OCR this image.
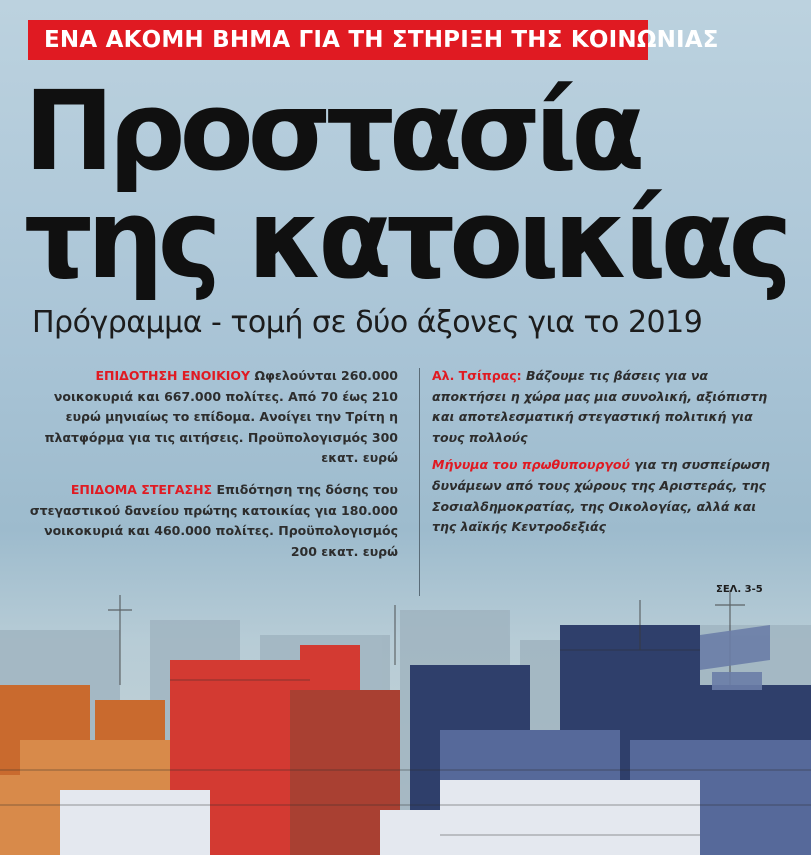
ΕΝΑ ΑΚΟΜΗ ΒΗΜΑ ΓΙΑ ΤΗ ΣΤΗΡΙΞΗ ΤΗΣ ΚΟΙΝΩΝΙΑΣ
Προστασία
της κατοικίας
Πρόγραμμα - τομή σε δύο άξονες για το 2019

ΕΠΙΔΟΤΗΣΗ ΕΝΟΙΚΙΟΥ Ωφελούνται 260.000 νοικοκυριά και 667.000 πολίτες. Από 70 έως 210 ευρώ μηνιαίως το επίδομα. Ανοίγει την Τρίτη η πλατφόρμα για τις αιτήσεις. Προϋπολογισμός 300 εκατ. ευρώ

ΕΠΙΔΟΜΑ ΣΤΕΓΑΣΗΣ Επιδότηση της δόσης του στεγαστικού δανείου πρώτης κατοικίας για 180.000 νοικοκυριά και 460.000 πολίτες. Προϋπολογισμός 200 εκατ. ευρώ

Αλ. Τσίπρας: Βάζουμε τις βάσεις για να αποκτήσει η χώρα μας μια συνολική, αξιόπιστη και αποτελεσματική στεγαστική πολιτική για τους πολλούς

Μήνυμα του πρωθυπουργού για τη συσπείρωση δυνάμεων από τους χώρους της Αριστεράς, της Σοσιαλδημοκρατίας, της Οικολογίας, αλλά και της λαϊκής Κεντροδεξιάς

ΣΕΛ. 3-5
